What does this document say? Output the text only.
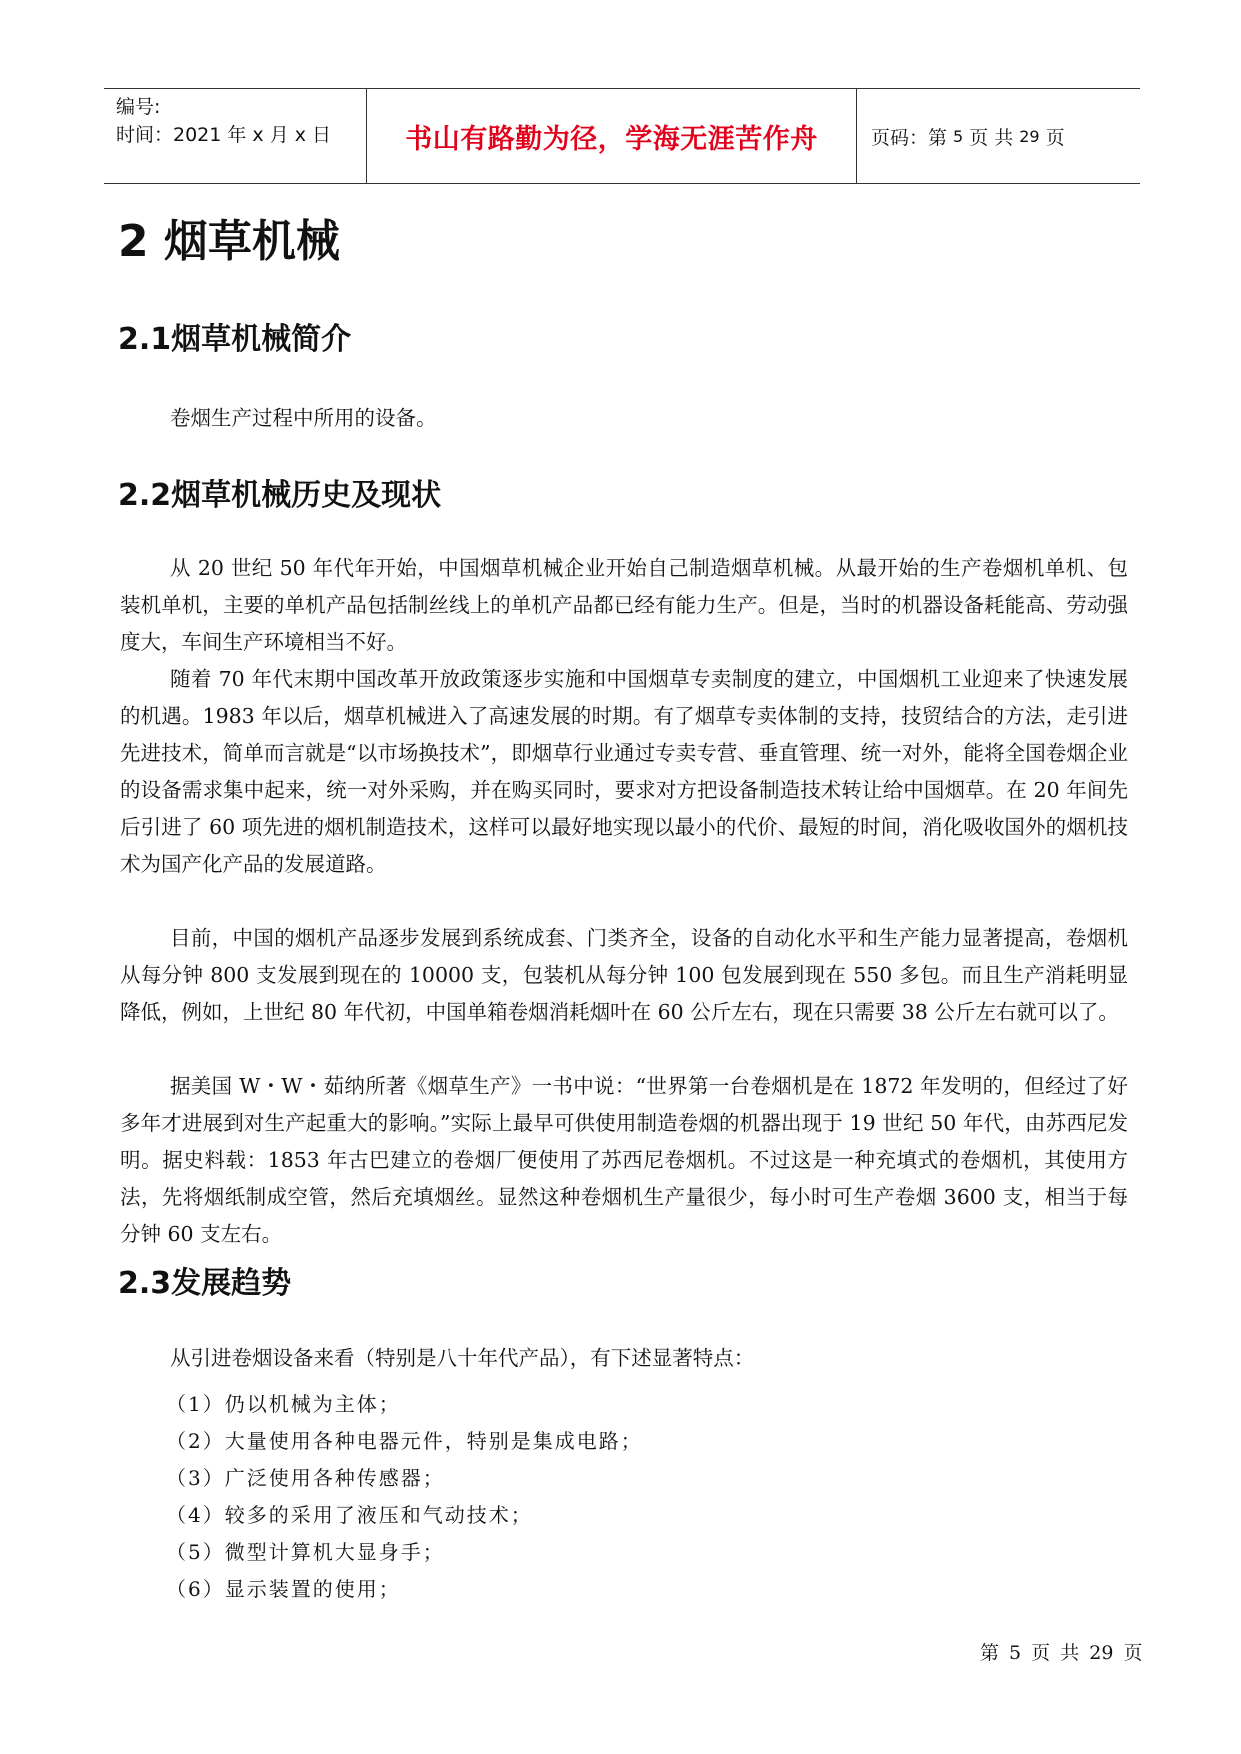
编号:
时间：2021 年 x 月 x 日	书山有路勤为径，学海无涯苦作舟	页码：第 5 页 共 29 页
2 烟草机械
2.1烟草机械简介

卷烟生产过程中所用的设备。

2.2烟草机械历史及现状

从 20 世纪 50 年代年开始，中国烟草机械企业开始自己制造烟草机械。从最开始的生产卷烟机单机、包装机单机，主要的单机产品包括制丝线上的单机产品都已经有能力生产。但是，当时的机器设备耗能高、劳动强度大，车间生产环境相当不好。

随着 70 年代末期中国改革开放政策逐步实施和中国烟草专卖制度的建立，中国烟机工业迎来了快速发展的机遇。1983 年以后，烟草机械进入了高速发展的时期。有了烟草专卖体制的支持，技贸结合的方法，走引进先进技术，简单而言就是“以市场换技术”，即烟草行业通过专卖专营、垂直管理、统一对外，能将全国卷烟企业的设备需求集中起来，统一对外采购，并在购买同时，要求对方把设备制造技术转让给中国烟草。在 20 年间先后引进了 60 项先进的烟机制造技术，这样可以最好地实现以最小的代价、最短的时间，消化吸收国外的烟机技术为国产化产品的发展道路。

目前，中国的烟机产品逐步发展到系统成套、门类齐全，设备的自动化水平和生产能力显著提高，卷烟机从每分钟 800 支发展到现在的 10000 支，包装机从每分钟 100 包发展到现在 550 多包。而且生产消耗明显降低，例如，上世纪 80 年代初，中国单箱卷烟消耗烟叶在 60 公斤左右，现在只需要 38 公斤左右就可以了。

据美国 W・W・茹纳所著《烟草生产》一书中说：“世界第一台卷烟机是在 1872 年发明的，但经过了好多年才进展到对生产起重大的影响。”实际上最早可供使用制造卷烟的机器出现于 19 世纪 50 年代，由苏西尼发明。据史料载：1853 年古巴建立的卷烟厂便使用了苏西尼卷烟机。不过这是一种充填式的卷烟机，其使用方法，先将烟纸制成空管，然后充填烟丝。显然这种卷烟机生产量很少，每小时可生产卷烟 3600 支，相当于每分钟 60 支左右。

2.3发展趋势

从引进卷烟设备来看（特别是八十年代产品），有下述显著特点：

（1）仍以机械为主体；
（2）大量使用各种电器元件，特别是集成电路；
（3）广泛使用各种传感器；
（4）较多的采用了液压和气动技术；
（5）微型计算机大显身手；
（6）显示装置的使用；
第 5 页 共 29 页
